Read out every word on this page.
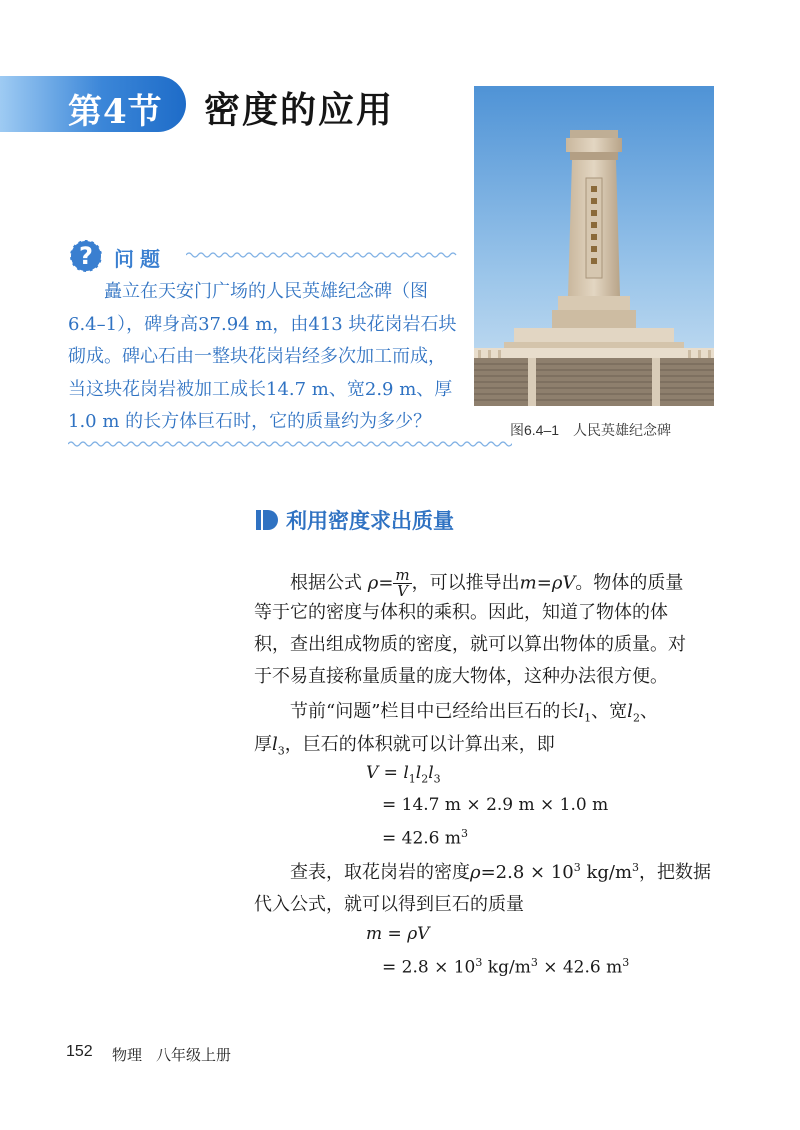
第4节 密度的应用
图6.4–1　人民英雄纪念碑
? 问题

　　矗立在天安门广场的人民英雄纪念碑（图

6.4–1），碑身高37.94 m，由413 块花岗岩石块

砌成。碑心石由一整块花岗岩经多次加工而成，

当这块花岗岩被加工成长14.7 m、宽2.9 m、厚

1.0 m 的长方体巨石时，它的质量约为多少？

利用密度求出质量
根据公式 $\rho= \frac{m}{V}$ ，可以推导出m=ρV。物体的质量
等于它的密度与体积的乘积。因此，知道了物体的体
积，查出组成物质的密度，就可以算出物体的质量。对
于不易直接称量质量的庞大物体，这种办法很方便。
节前“问题”栏目中已经给出巨石的长$l_1$、宽$l_2$、
厚$l_3$，巨石的体积就可以计算出来，即
$V = l_1l_2l_3$
= 14.7 m × 2.9 m × 1.0 m
= 42.6 $m^3$
查表，取花岗岩的密度$\rho=2.8 \times 10^3$ $kg/m^3$，把数据
代入公式，就可以得到巨石的质量
m = ρV
= $2.8 \times 10^3$ $kg/m^3 \times 42.6$ $m^3$
152 物理 八年级上册
